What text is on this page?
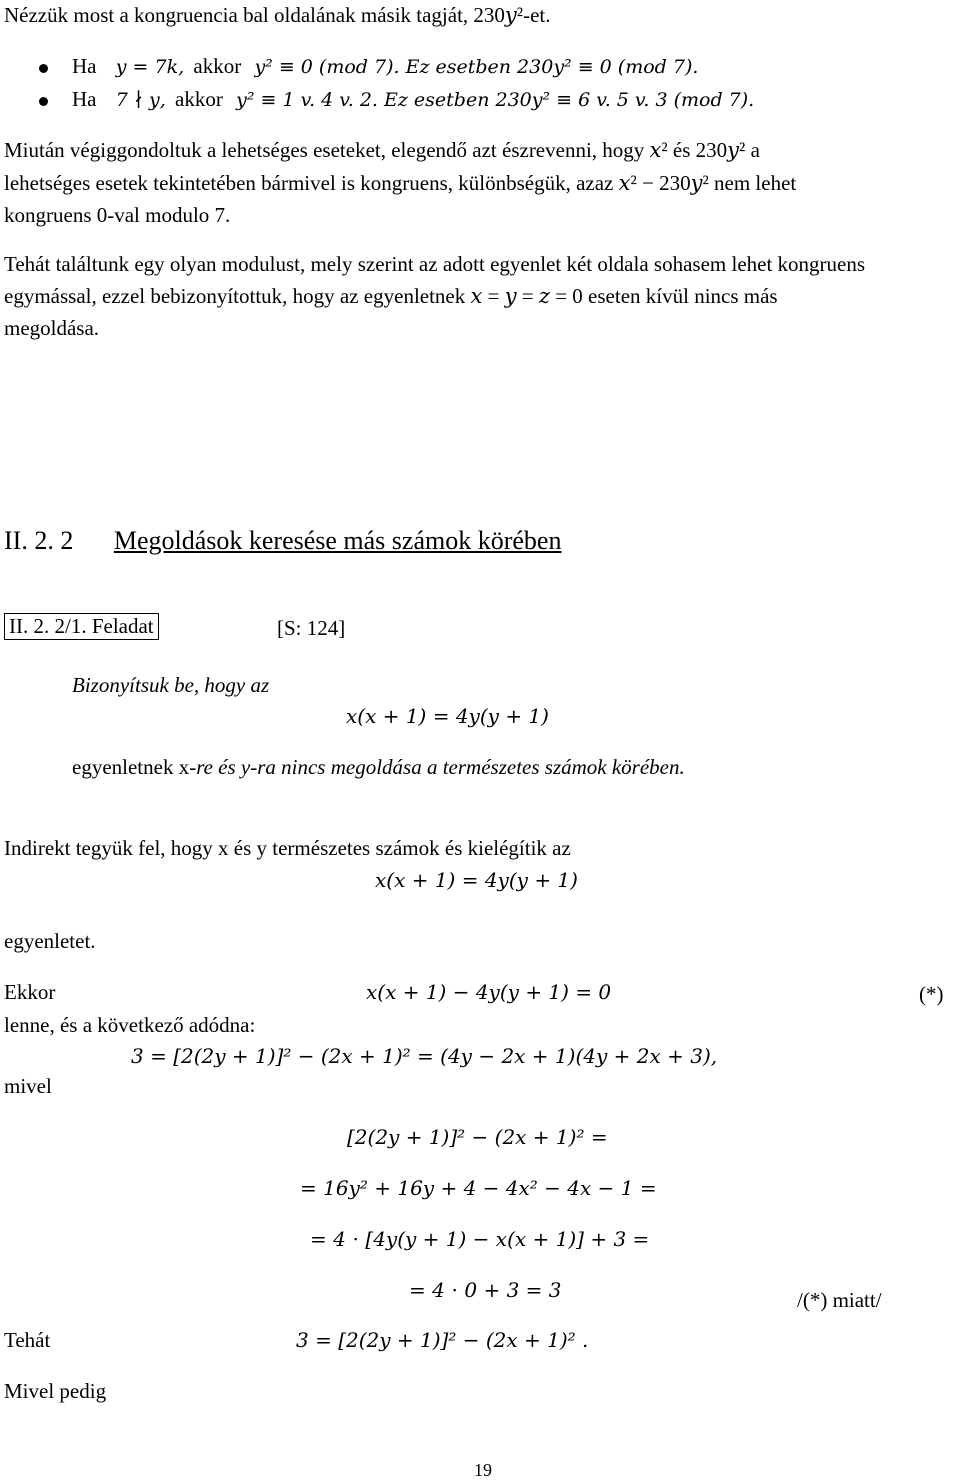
Nézzük most a kongruencia bal oldalának másik tagját, 230𝑦²-et.
Ha 𝑦 = 7𝑘, akkor 𝑦² ≡ 0 (𝑚𝑜𝑑 7). Ez esetben 230𝑦² ≡ 0 (𝑚𝑜𝑑 7).
Ha 7 ∤ 𝑦, akkor 𝑦² ≡ 1 v. 4 v. 2. Ez esetben 230𝑦² ≡ 6 v. 5 v. 3 (𝑚𝑜𝑑 7).
Miután végiggondoltuk a lehetséges eseteket, elegendő azt észrevenni, hogy 𝑥² és 230𝑦² a
lehetséges esetek tekintetében bármivel is kongruens, különbségük, azaz 𝑥² − 230𝑦² nem lehet
kongruens 0-val modulo 7.
Tehát találtunk egy olyan modulust, mely szerint az adott egyenlet két oldala sohasem lehet kongruens
egymással, ezzel bebizonyítottuk, hogy az egyenletnek 𝑥 = 𝑦 = 𝑧 = 0 eseten kívül nincs más
megoldása.
II. 2. 2 Megoldások keresése más számok körében
II. 2. 2/1. Feladat	[S: 124]
Bizonyítsuk be, hogy az
𝑥(𝑥 + 1) = 4𝑦(𝑦 + 1)
egyenletnek x-re és y-ra nincs megoldása a természetes számok körében.
Indirekt tegyük fel, hogy x és y természetes számok és kielégítik az
𝑥(𝑥 + 1) = 4𝑦(𝑦 + 1)
egyenletet.
Ekkor	𝑥(𝑥 + 1) − 4𝑦(𝑦 + 1) = 0	(*)
lenne, és a következő adódna:
3 = [2(2𝑦 + 1)]² − (2𝑥 + 1)² = (4𝑦 − 2𝑥 + 1)(4𝑦 + 2𝑥 + 3),
mivel
[2(2𝑦 + 1)]² − (2𝑥 + 1)² =
= 16𝑦² + 16𝑦 + 4 − 4𝑥² − 4𝑥 − 1 =
= 4 ⋅ [4𝑦(𝑦 + 1) − 𝑥(𝑥 + 1)] + 3 =
= 4 ⋅ 0 + 3 = 3	/(*) miatt/
Tehát	3 = [2(2𝑦 + 1)]² − (2𝑥 + 1)² .
Mivel pedig
19
